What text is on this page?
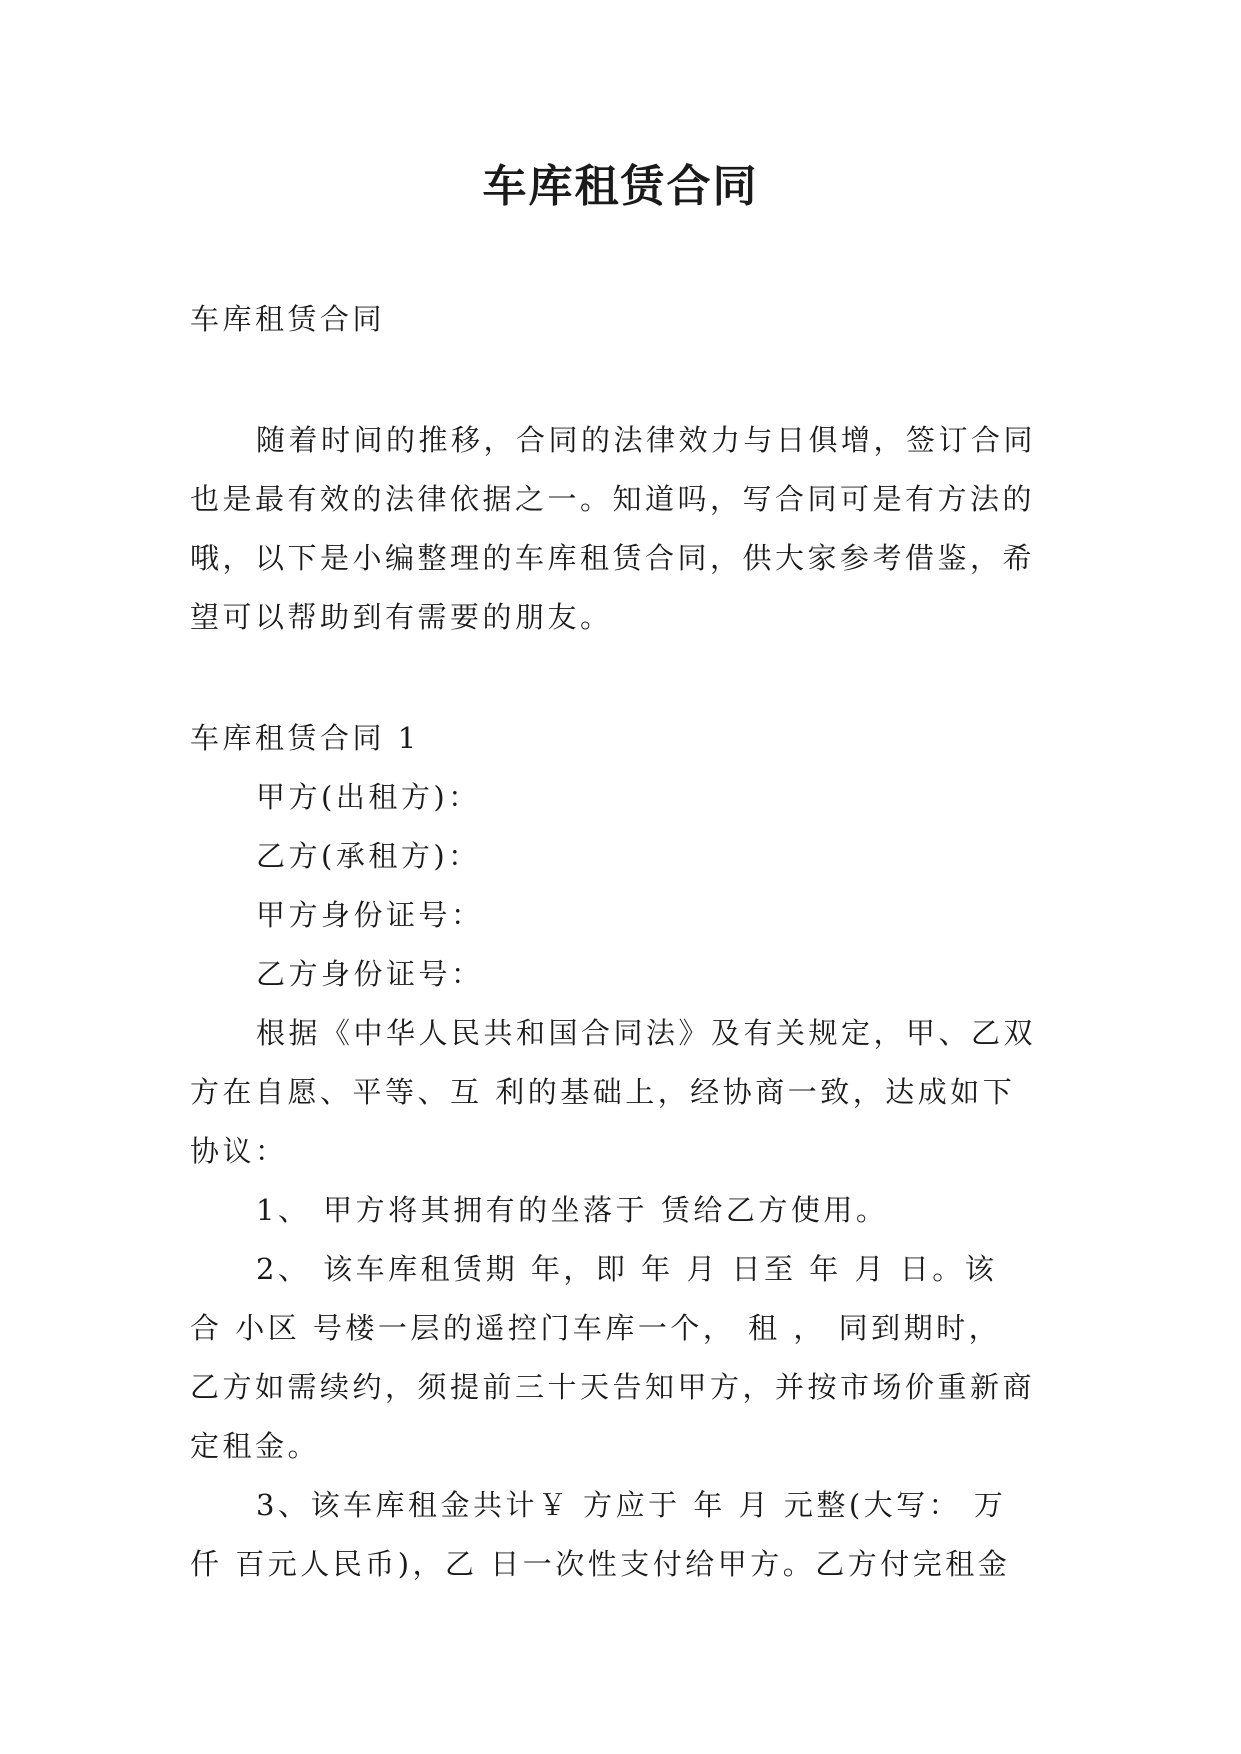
车库租赁合同
车库租赁合同
随着时间的推移，合同的法律效力与日俱增，签订合同
也是最有效的法律依据之一。知道吗，写合同可是有方法的
哦，以下是小编整理的车库租赁合同，供大家参考借鉴，希
望可以帮助到有需要的朋友。
车库租赁合同 1
甲方(出租方)：
乙方(承租方)：
甲方身份证号：
乙方身份证号：
根据《中华人民共和国合同法》及有关规定，甲、乙双
方在自愿、平等、互 利的基础上，经协商一致，达成如下
协议：
1、 甲方将其拥有的坐落于 赁给乙方使用。
2、 该车库租赁期 年，即 年 月 日至 年 月 日。该
合 小区 号楼一层的遥控门车库一个， 租 ， 同到期时，
乙方如需续约，须提前三十天告知甲方，并按市场价重新商
定租金。
3、该车库租金共计￥ 方应于 年 月 元整(大写： 万
仟 百元人民币)，乙 日一次性支付给甲方。乙方付完租金
